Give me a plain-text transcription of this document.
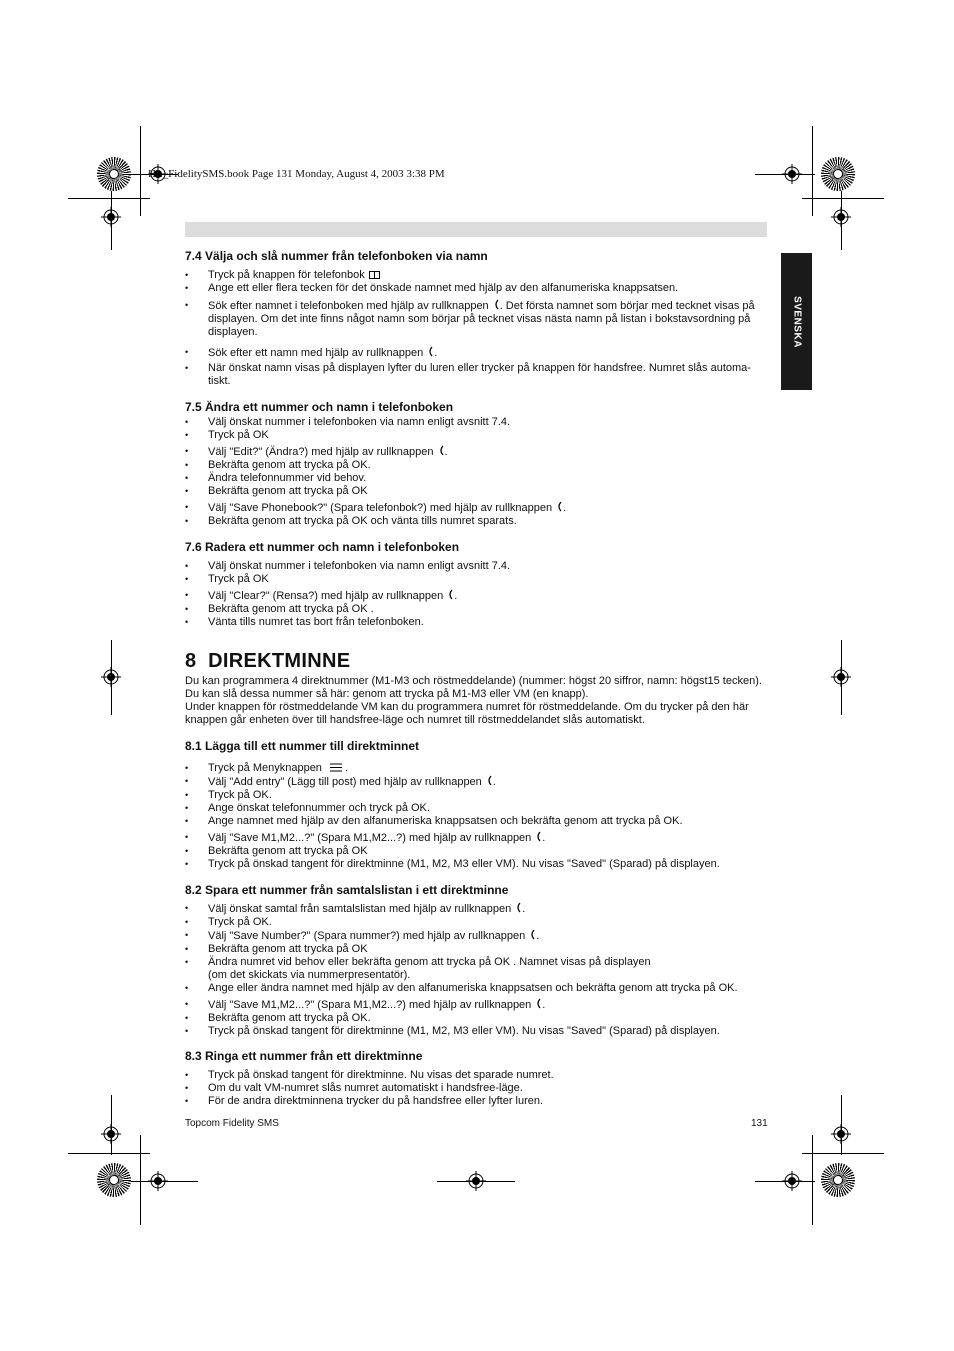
HL_FidelitySMS.book Page 131 Monday, August 4, 2003 3:38 PM
SVENSKA
7.4 Välja och slå nummer från telefonboken via namn
• Tryck på knappen för telefonbok
• Ange ett eller flera tecken för det önskade namnet med hjälp av den alfanumeriska knappsatsen.
• Sök efter namnet i telefonboken med hjälp av rullknappen . Det första namnet som börjar med tecknet visas på displayen. Om det inte finns något namn som börjar på tecknet visas nästa namn på listan i bokstavsordning på displayen.
• Sök efter ett namn med hjälp av rullknappen .
• När önskat namn visas på displayen lyfter du luren eller trycker på knappen för handsfree. Numret slås automa-tiskt.
7.5 Ändra ett nummer och namn i telefonboken
• Välj önskat nummer i telefonboken via namn enligt avsnitt 7.4.
• Tryck på OK
• Välj "Edit?" (Ändra?) med hjälp av rullknappen .
• Bekräfta genom att trycka på OK.
• Ändra telefonnummer vid behov.
• Bekräfta genom att trycka på OK
• Välj "Save Phonebook?" (Spara telefonbok?) med hjälp av rullknappen .
• Bekräfta genom att trycka på OK och vänta tills numret sparats.
7.6 Radera ett nummer och namn i telefonboken
• Välj önskat nummer i telefonboken via namn enligt avsnitt 7.4.
• Tryck på OK
• Välj "Clear?" (Rensa?) med hjälp av rullknappen .
• Bekräfta genom att trycka på OK .
• Vänta tills numret tas bort från telefonboken.
8 DIREKTMINNE

Du kan programmera 4 direktnummer (M1-M3 och röstmeddelande) (nummer: högst 20 siffror, namn: högst15 tecken).

Du kan slå dessa nummer så här: genom att trycka på M1-M3 eller VM (en knapp).

Under knappen för röstmeddelande VM kan du programmera numret för röstmeddelande. Om du trycker på den här knappen går enheten över till handsfree-läge och numret till röstmeddelandet slås automatiskt.

8.1 Lägga till ett nummer till direktminnet
• Tryck på Menyknappen .
• Välj "Add entry" (Lägg till post) med hjälp av rullknappen .
• Tryck på OK.
• Ange önskat telefonnummer och tryck på OK.
• Ange namnet med hjälp av den alfanumeriska knappsatsen och bekräfta genom att trycka på OK.
• Välj "Save M1,M2...?" (Spara M1,M2...?) med hjälp av rullknappen .
• Bekräfta genom att trycka på OK
• Tryck på önskad tangent för direktminne (M1, M2, M3 eller VM). Nu visas "Saved" (Sparad) på displayen.
8.2 Spara ett nummer från samtalslistan i ett direktminne
• Välj önskat samtal från samtalslistan med hjälp av rullknappen .
• Tryck på OK.
• Välj "Save Number?" (Spara nummer?) med hjälp av rullknappen .
• Bekräfta genom att trycka på OK
• Ändra numret vid behov eller bekräfta genom att trycka på OK . Namnet visas på displayen
(om det skickats via nummerpresentatör).
• Ange eller ändra namnet med hjälp av den alfanumeriska knappsatsen och bekräfta genom att trycka på OK.
• Välj "Save M1,M2...?" (Spara M1,M2...?) med hjälp av rullknappen .
• Bekräfta genom att trycka på OK.
• Tryck på önskad tangent för direktminne (M1, M2, M3 eller VM). Nu visas "Saved" (Sparad) på displayen.
8.3 Ringa ett nummer från ett direktminne
• Tryck på önskad tangent för direktminne. Nu visas det sparade numret.
• Om du valt VM-numret slås numret automatiskt i handsfree-läge.
• För de andra direktminnena trycker du på handsfree eller lyfter luren.
Topcom Fidelity SMS	131
